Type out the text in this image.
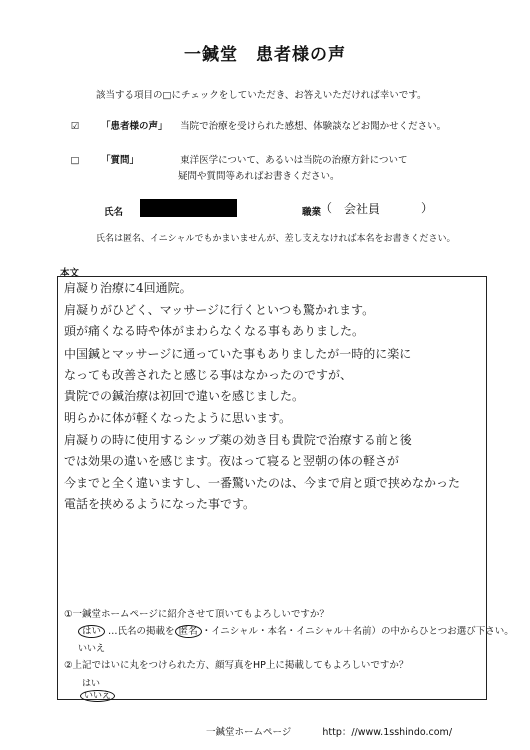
一鍼堂　患者様の声
該当する項目の□にチェックをしていただき、お答えいただければ幸いです。
☑ 「患者様の声」 当院で治療を受けられた感想、体験談などお聞かせください。
□ 「質問」	東洋医学について、あるいは当院の治療方針について
疑問や質問等あればお書きください。
氏名	職業
（ 会社員	）
氏名は匿名、イニシャルでもかまいませんが、差し支えなければ本名をお書きください。
本文
肩凝り治療に4回通院。
肩凝りがひどく、マッサージに行くといつも驚かれます。
頭が痛くなる時や体がまわらなくなる事もありました。
中国鍼とマッサージに通っていた事もありましたが一時的に楽に
なっても改善されたと感じる事はなかったのですが、
貴院での鍼治療は初回で違いを感じました。
明らかに体が軽くなったように思います。
肩凝りの時に使用するシップ薬の効き目も貴院で治療する前と後
では効果の違いを感じます。夜はって寝ると翌朝の体の軽さが
今までと全く違いますし、一番驚いたのは、今まで肩と頭で挟めなかった
電話を挟めるようになった事です。
①一鍼堂ホームページに紹介させて頂いてもよろしいですか？
はい …氏名の掲載を 匿名 ・イニシャル・本名・イニシャル＋名前）の中からひとつお選び下さい。
いいえ
②上記ではいに丸をつけられた方、顔写真をHP上に掲載してもよろしいですか？
はい
いいえ
一鍼堂ホームページ	http：//www.1sshindo.com/
